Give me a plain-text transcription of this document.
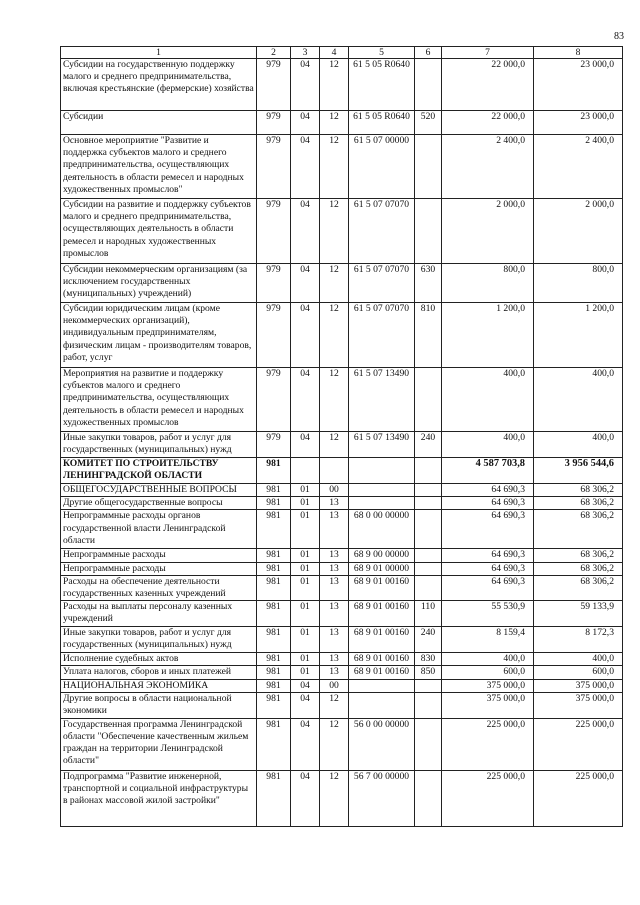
83
1	2	3	4	5	6	7	8
Субсидии на государственную поддержку малого и среднего предпринимательства, включая крестьянские (фермерские) хозяйства	979	04	12	61 5 05 R0640		22 000,0	23 000,0
Субсидии	979	04	12	61 5 05 R0640	520	22 000,0	23 000,0
Основное мероприятие "Развитие и поддержка субъектов малого и среднего предпринимательства, осуществляющих деятельность в области ремесел и народных художественных промыслов"	979	04	12	61 5 07 00000		2 400,0	2 400,0
Субсидии на развитие и поддержку субъектов малого и среднего предпринимательства, осуществляющих деятельность в области ремесел и народных художественных промыслов	979	04	12	61 5 07 07070		2 000,0	2 000,0
Субсидии некоммерческим организациям (за исключением государственных (муниципальных) учреждений)	979	04	12	61 5 07 07070	630	800,0	800,0
Субсидии юридическим лицам (кроме некоммерческих организаций), индивидуальным предпринимателям, физическим лицам - производителям товаров, работ, услуг	979	04	12	61 5 07 07070	810	1 200,0	1 200,0
Мероприятия на развитие и поддержку субъектов малого и среднего предпринимательства, осуществляющих деятельность в области ремесел и народных художественных промыслов	979	04	12	61 5 07 13490		400,0	400,0
Иные закупки товаров, работ и услуг для государственных (муниципальных) нужд	979	04	12	61 5 07 13490	240	400,0	400,0
КОМИТЕТ ПО СТРОИТЕЛЬСТВУ ЛЕНИНГРАДСКОЙ ОБЛАСТИ	981					4 587 703,8	3 956 544,6
ОБЩЕГОСУДАРСТВЕННЫЕ ВОПРОСЫ	981	01	00			64 690,3	68 306,2
Другие общегосударственные вопросы	981	01	13			64 690,3	68 306,2
Непрограммные расходы органов государственной власти Ленинградской области	981	01	13	68 0 00 00000		64 690,3	68 306,2
Непрограммные расходы	981	01	13	68 9 00 00000		64 690,3	68 306,2
Непрограммные расходы	981	01	13	68 9 01 00000		64 690,3	68 306,2
Расходы на обеспечение деятельности государственных казенных учреждений	981	01	13	68 9 01 00160		64 690,3	68 306,2
Расходы на выплаты персоналу казенных учреждений	981	01	13	68 9 01 00160	110	55 530,9	59 133,9
Иные закупки товаров, работ и услуг для государственных (муниципальных) нужд	981	01	13	68 9 01 00160	240	8 159,4	8 172,3
Исполнение судебных актов	981	01	13	68 9 01 00160	830	400,0	400,0
Уплата налогов, сборов и иных платежей	981	01	13	68 9 01 00160	850	600,0	600,0
НАЦИОНАЛЬНАЯ ЭКОНОМИКА	981	04	00			375 000,0	375 000,0
Другие вопросы в области национальной экономики	981	04	12			375 000,0	375 000,0
Государственная программа Ленинградской области "Обеспечение качественным жильем граждан на территории Ленинградской области"	981	04	12	56 0 00 00000		225 000,0	225 000,0
Подпрограмма "Развитие инженерной, транспортной и социальной инфраструктуры в районах массовой жилой застройки"	981	04	12	56 7 00 00000		225 000,0	225 000,0
